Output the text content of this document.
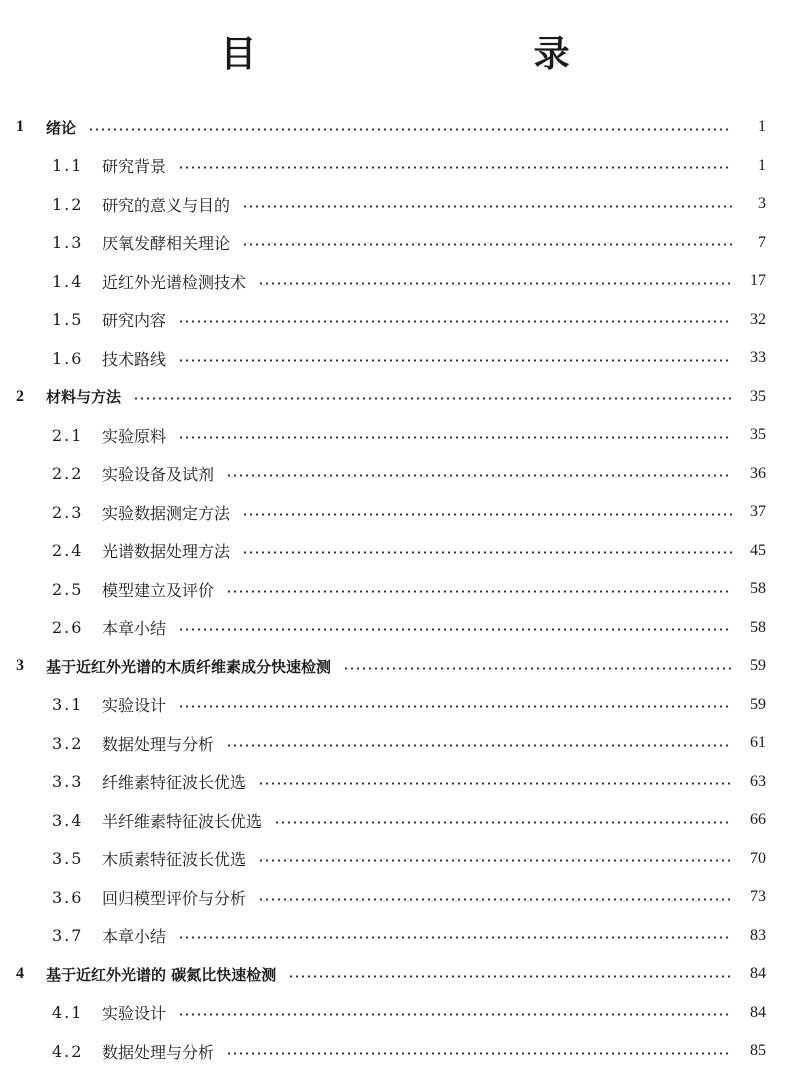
目　　录
1	绪论	1
1.1	研究背景	1
1.2	研究的意义与目的	3
1.3	厌氧发酵相关理论	7
1.4	近红外光谱检测技术	17
1.5	研究内容	32
1.6	技术路线	33
2	材料与方法	35
2.1	实验原料	35
2.2	实验设备及试剂	36
2.3	实验数据测定方法	37
2.4	光谱数据处理方法	45
2.5	模型建立及评价	58
2.6	本章小结	58
3	基于近红外光谱的木质纤维素成分快速检测	59
3.1	实验设计	59
3.2	数据处理与分析	61
3.3	纤维素特征波长优选	63
3.4	半纤维素特征波长优选	66
3.5	木质素特征波长优选	70
3.6	回归模型评价与分析	73
3.7	本章小结	83
4	基于近红外光谱的 碳氮比快速检测	84
4.1	实验设计	84
4.2	数据处理与分析	85
